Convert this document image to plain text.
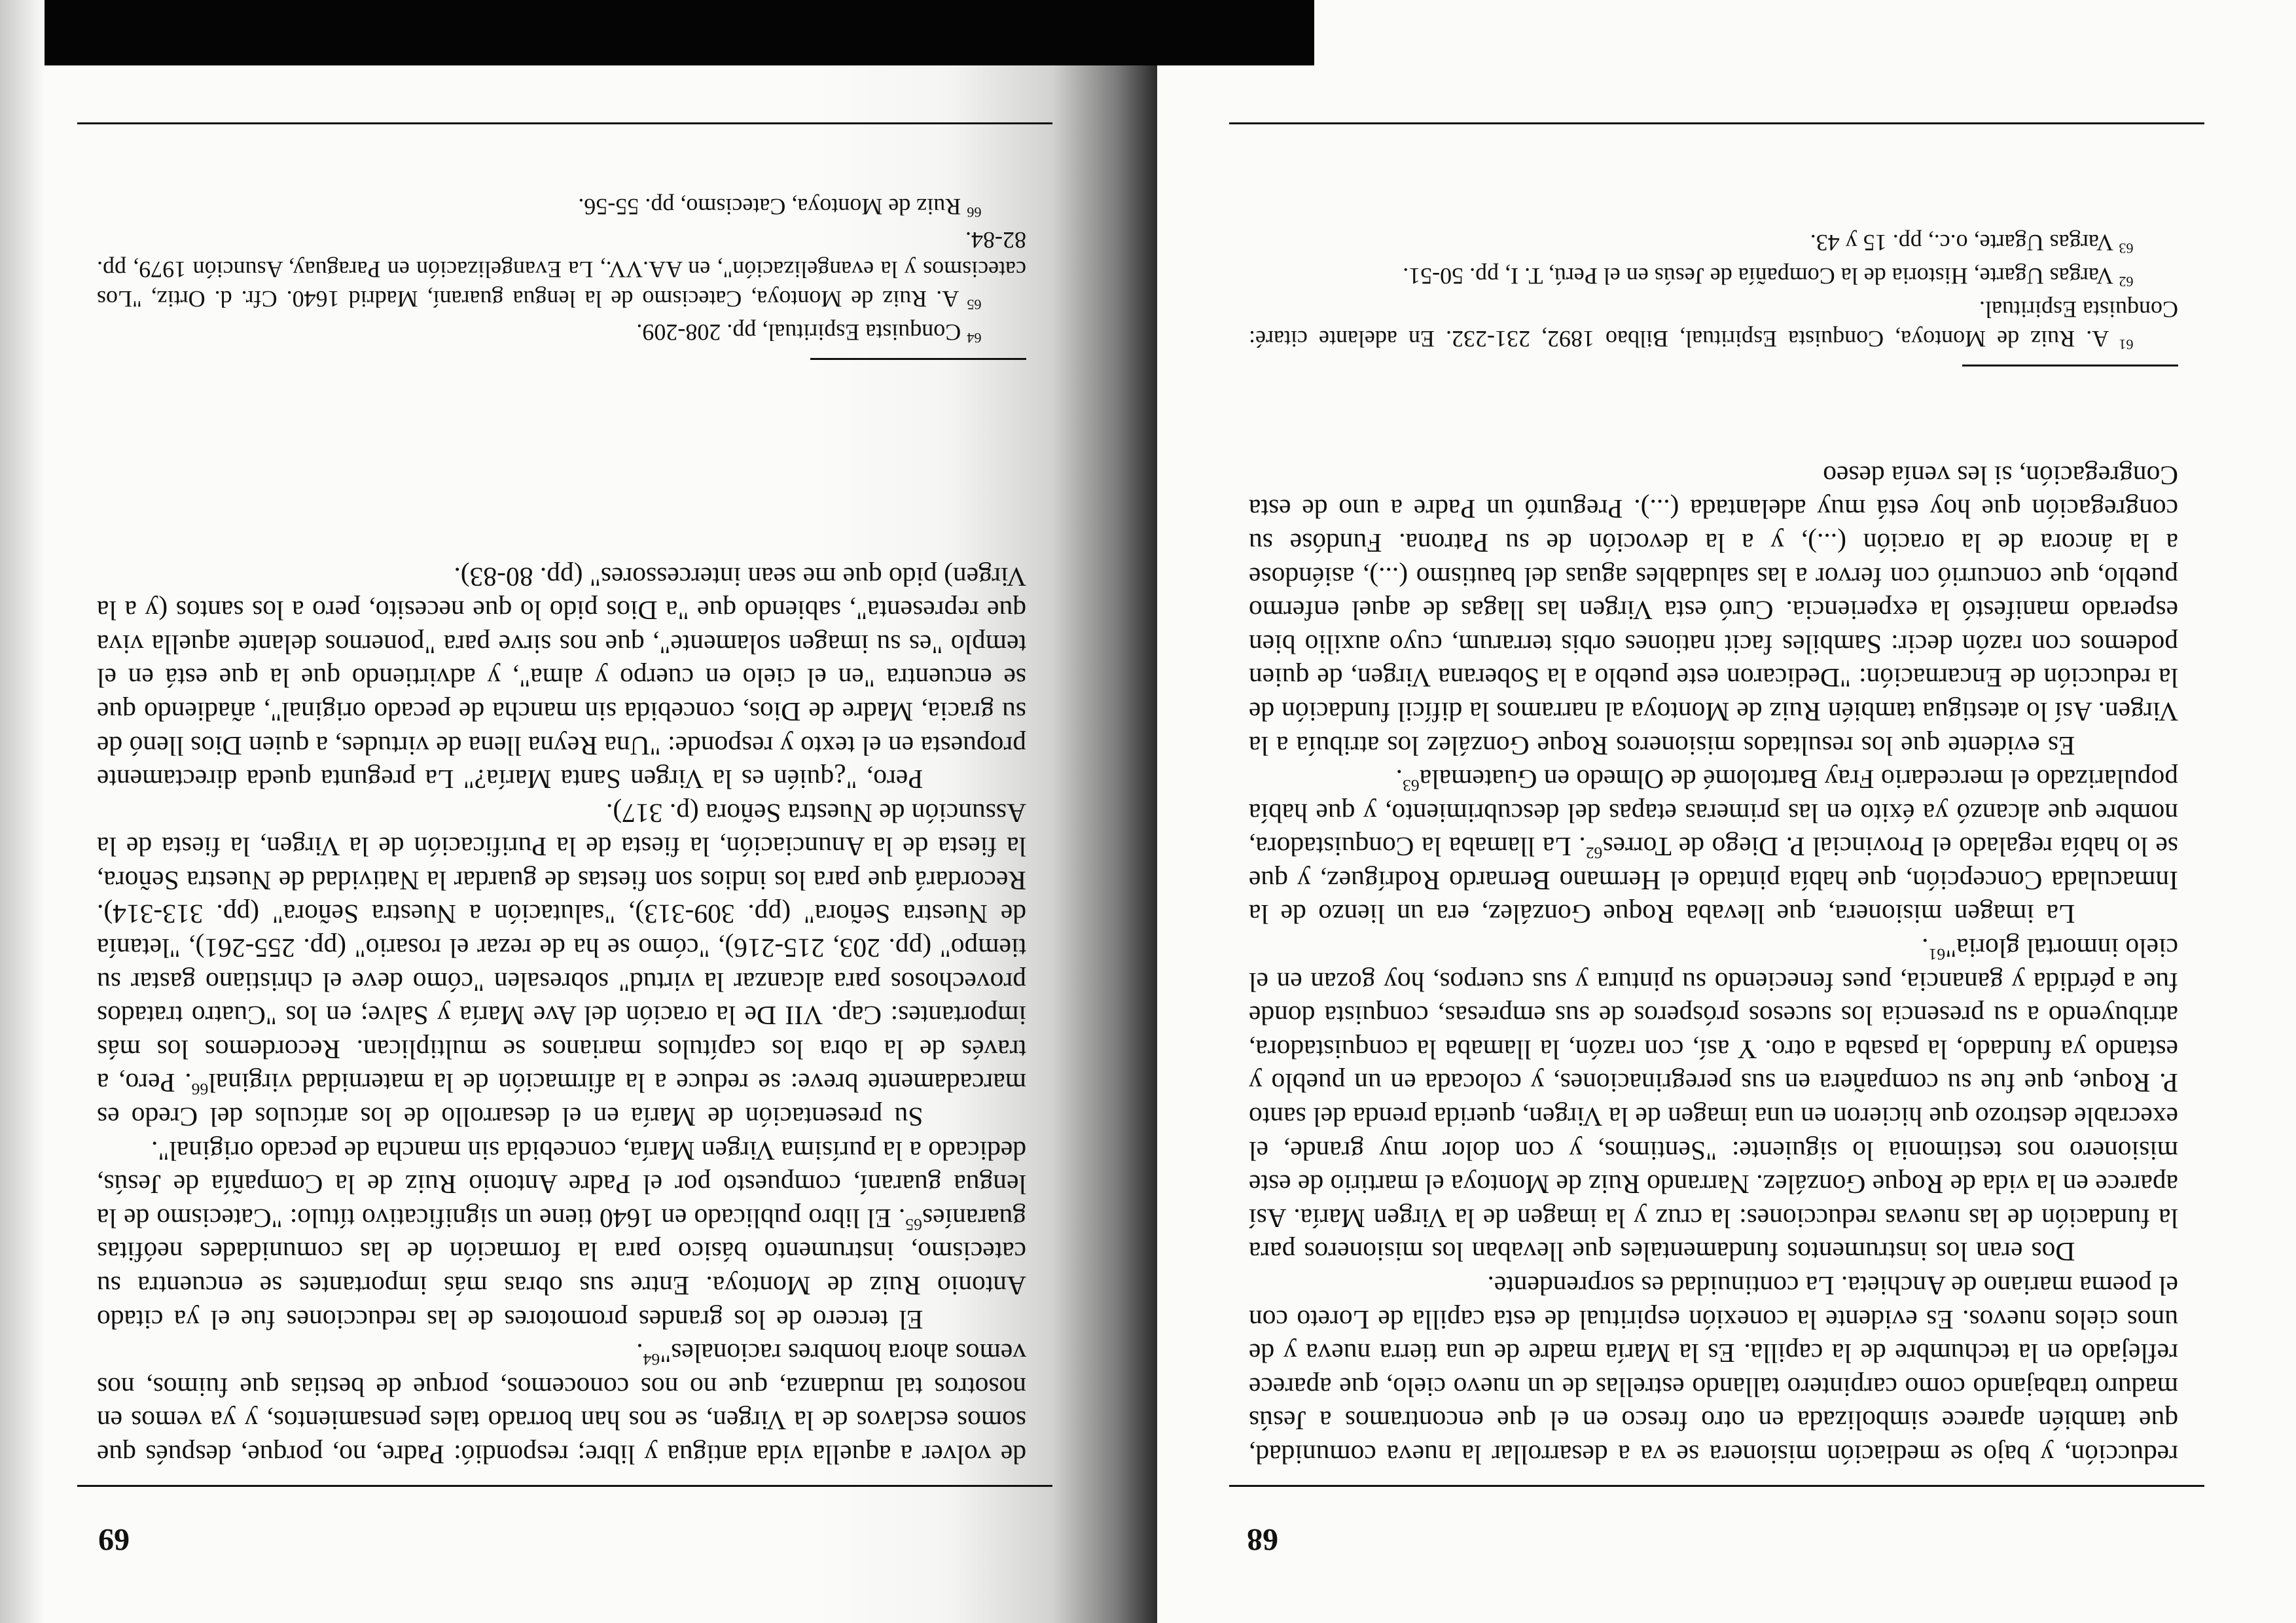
68

reducción, y bajo se mediación misionera se va a desarrollar la nueva comunidad, que también aparece simbolizada en otro fresco en el que encontramos a Jesús maduro trabajando como carpintero tallando estrellas de un nuevo cielo, que aparece reflejado en la techumbre de la capilla. Es la María madre de una tierra nueva y de unos cielos nuevos. Es evidente la conexión espiritual de esta capilla de Loreto con el poema mariano de Anchieta. La continuidad es sorprendente.

Dos eran los instrumentos fundamentales que llevaban los misioneros para la fundación de las nuevas reducciones: la cruz y la imagen de la Virgen María. Así aparece en la vida de Roque González. Narrando Ruiz de Montoya el martirio de este misionero nos testimonia lo siguiente: "Sentimos, y con dolor muy grande, el execrable destrozo que hicieron en una imagen de la Virgen, querida prenda del santo P. Roque, que fue su compañera en sus peregrinaciones, y colocada en un pueblo y estando ya fundado, la pasaba a otro. Y así, con razón, la llamaba la conquistadora, atribuyendo a su presencia los sucesos prósperos de sus empresas, conquista donde fue a pérdida y ganancia, pues feneciendo su pintura y sus cuerpos, hoy gozan en el cielo inmortal gloria"$^{61}$.

La imagen misionera, que llevaba Roque González, era un lienzo de la Inmaculada Concepción, que había pintado el Hermano Bernardo Rodríguez, y que se lo había regalado el Provincial P. Diego de Torres$^{62}$. La llamaba la Conquistadora, nombre que alcanzó ya éxito en las primeras etapas del descubrimiento, y que había popularizado el mercedario Fray Bartolomé de Olmedo en Guatemala$^{63}$.

Es evidente que los resultados misioneros Roque González los atribuía a la Virgen. Así lo atestigua también Ruiz de Montoya al narramos la difícil fundación de la reducción de Encarnación: "Dedicaron este pueblo a la Soberana Virgen, de quien podemos con razón decir: Sambiles facit nationes orbis terrarum, cuyo auxilio bien esperado manifestó la experiencia. Curó esta Virgen las llagas de aquel enfermo pueblo, que concurrió con fervor a las saludables aguas del bautismo (...), asiéndose a la áncora de la oración (...), y a la devoción de su Patrona. Fundóse su congregación que hoy está muy adelantada (...). Preguntó un Padre a uno de esta Congregación, si les venía deseo

$^{61}$ A. Ruiz de Montoya, Conquista Espiritual, Bilbao 1892, 231-232. En adelante citaré: Conquista Espiritual.

$^{62}$ Vargas Ugarte, Historia de la Compañía de Jesús en el Perú, T. I, pp. 50-51.

$^{63}$ Vargas Ugarte, o.c., pp. 15 y 43.

69

de volver a aquella vida antigua y libre; respondió: Padre, no, porque, después que somos esclavos de la Virgen, se nos han borrado tales pensamientos, y ya vemos en nosotros tal mudanza, que no nos conocemos, porque de bestias que fuimos, nos vemos ahora hombres racionales"$^{64}$.

El tercero de los grandes promotores de las reducciones fue el ya citado Antonio Ruiz de Montoya. Entre sus obras más importantes se encuentra su catecismo, instrumento básico para la formación de las comunidades neófitas guaraníes$^{65}$. El libro publicado en 1640 tiene un significativo título: "Catecismo de la lengua guaraní, compuesto por el Padre Antonio Ruiz de la Compañía de Jesús, dedicado a la purísima Virgen María, concebida sin mancha de pecado original".

Su presentación de María en el desarrollo de los artículos del Credo es marcadamente breve: se reduce a la afirmación de la maternidad virginal$^{66}$. Pero, a través de la obra los capítulos marianos se multiplican. Recordemos los más importantes: Cap. VII De la oración del Ave María y Salve; en los "Cuatro tratados provechosos para alcanzar la virtud" sobresalen "cómo deve el christiano gastar su tiempo" (pp. 203, 215-216), "cómo se ha de rezar el rosario" (pp. 255-261), "letanía de Nuestra Señora" (pp. 309-313), "salutación a Nuestra Señora" (pp. 313-314). Recordará que para los indios son fiestas de guardar la Natividad de Nuestra Señora, la fiesta de la Anunciación, la fiesta de la Purificación de la Virgen, la fiesta de la Assunción de Nuestra Señora (p. 317).

Pero, "¿quién es la Virgen Santa María?" La pregunta queda directamente propuesta en el texto y responde: "Una Reyna llena de virtudes, a quien Dios llenó de su gracia, Madre de Dios, concebida sin mancha de pecado original", añadiendo que se encuentra "en el cielo en cuerpo y alma", y advirtiendo que la que está en el templo "es su imagen solamente", que nos sirve para "ponernos delante aquella viva que representa", sabiendo que "a Dios pido lo que necesito, pero a los santos (y a la Virgen) pido que me sean intercessores" (pp. 80-83).

$^{64}$ Conquista Espiritual, pp. 208-209.

$^{65}$ A. Ruiz de Montoya, Catecismo de la lengua guaraní, Madrid 1640. Cfr. d. Ortiz, "Los catecismos y la evangelización", en AA.VV., La Evangelización en Paraguay, Asunción 1979, pp. 82-84.

$^{66}$ Ruiz de Montoya, Catecismo, pp. 55-56.
